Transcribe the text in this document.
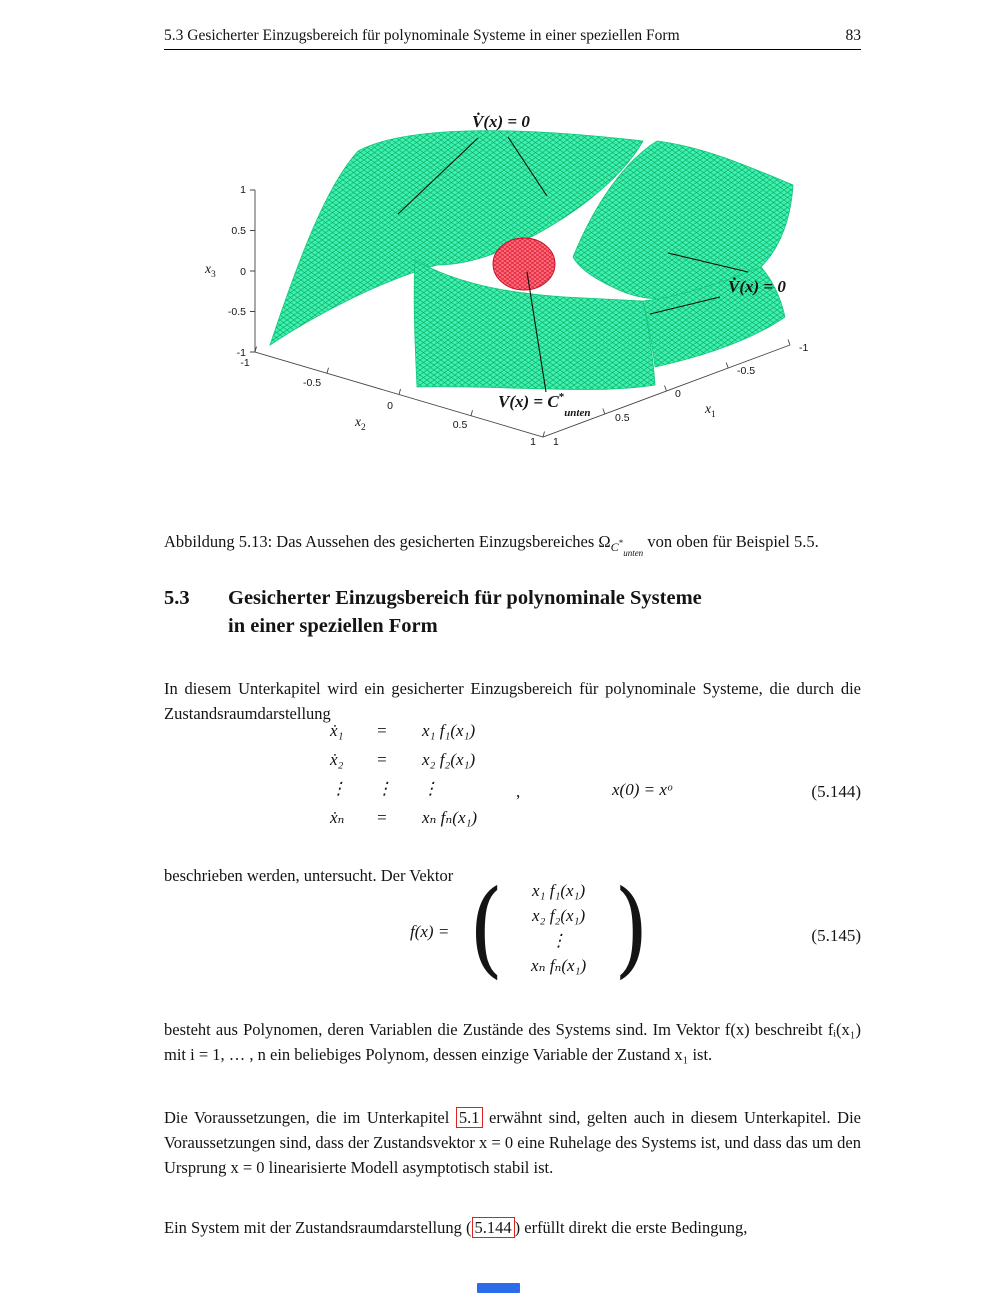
5.3 Gesicherter Einzugsbereich für polynominale Systeme in einer speziellen Form	83
1
0.5
0
-0.5
-1
-1
-0.5
0
0.5
1
-1
-0.5
0
0.5
1
$x_3$
$x_2$
$x_1$
V̇(x) = 0
V̇(x) = 0
$V(x) = C^*_{unten}$

Abbildung 5.13: Das Aussehen des gesicherten Einzugsbereiches $\Omega_{C^*_{unten}}$ von oben für Beispiel 5.5.

5.3 Gesicherter Einzugsbereich für polynominale Systeme
in einer speziellen Form

In diesem Unterkapitel wird ein gesicherter Einzugsbereich für polynominale Systeme, die durch die Zustandsraumdarstellung

ẋ₁	=	x₁ f₁(x₁)
ẋ₂	=	x₂ f₂(x₁)
⋮	⋮	⋮
ẋₙ	=	xₙ fₙ(x₁)
,	x(0) = xᵒ	(5.144)

beschrieben werden, untersucht. Der Vektor

f(x) = (	x₁ f₁(x₁)
x₂ f₂(x₁)
⋮
xₙ fₙ(x₁) )	(5.145)

besteht aus Polynomen, deren Variablen die Zustände des Systems sind. Im Vektor f(x) beschreibt fᵢ(x₁) mit i = 1, … , n ein beliebiges Polynom, dessen einzige Variable der Zustand x₁ ist.

Die Voraussetzungen, die im Unterkapitel 5.1 erwähnt sind, gelten auch in diesem Unterkapitel. Die Voraussetzungen sind, dass der Zustandsvektor x = 0 eine Ruhelage des Systems ist, und dass das um den Ursprung x = 0 linearisierte Modell asymptotisch stabil ist.

Ein System mit der Zustandsraumdarstellung ( 5.144 ) erfüllt direkt die erste Bedingung,
